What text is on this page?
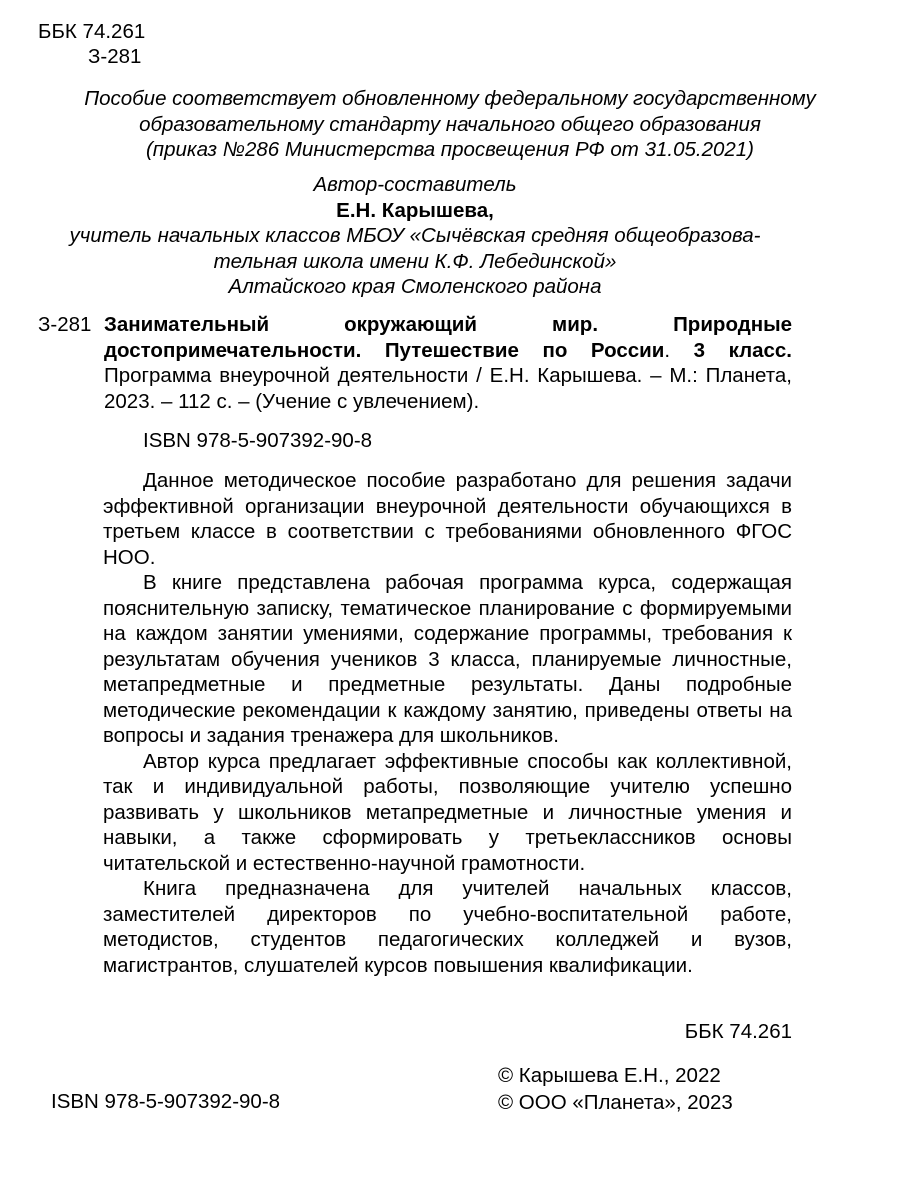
ББК 74.261
З-281
Пособие соответствует обновленному федеральному государственному
образовательному стандарту начального общего образования
(приказ №286 Министерства просвещения РФ от 31.05.2021)
Автор-составитель
Е.Н. Карышева,
учитель начальных классов МБОУ «Сычёвская средняя общеобразова-
тельная школа имени К.Ф. Лебединской»
Алтайского края Смоленского района
З-281 Занимательный окружающий мир. Природные достопримечательности. Путешествие по России. 3 класс. Программа внеурочной деятельности / Е.Н. Карышева. – М.: Планета, 2023. – 112 с. – (Учение с увлечением).
ISBN 978-5-907392-90-8

Данное методическое пособие разработано для решения задачи эффективной организации внеурочной деятельности обучающихся в третьем классе в соответствии с требованиями обновленного ФГОС НОО.

В книге представлена рабочая программа курса, содержащая пояснительную записку, тематическое планирование с формируемыми на каждом занятии умениями, содержание программы, требования к результатам обучения учеников 3 класса, планируемые личностные, метапредметные и предметные результаты. Даны подробные методические рекомендации к каждому занятию, приведены ответы на вопросы и задания тренажера для школьников.

Автор курса предлагает эффективные способы как коллективной, так и индивидуальной работы, позволяющие учителю успешно развивать у школьников метапредметные и личностные умения и навыки, а также сформировать у третьеклассников основы читательской и естественно-научной грамотности.

Книга предназначена для учителей начальных классов, заместителей директоров по учебно-воспитательной работе, методистов, студентов педагогических колледжей и вузов, магистрантов, слушателей курсов повышения квалификации.

ББК 74.261
© Карышева Е.Н., 2022
© ООО «Планета», 2023
ISBN 978-5-907392-90-8
